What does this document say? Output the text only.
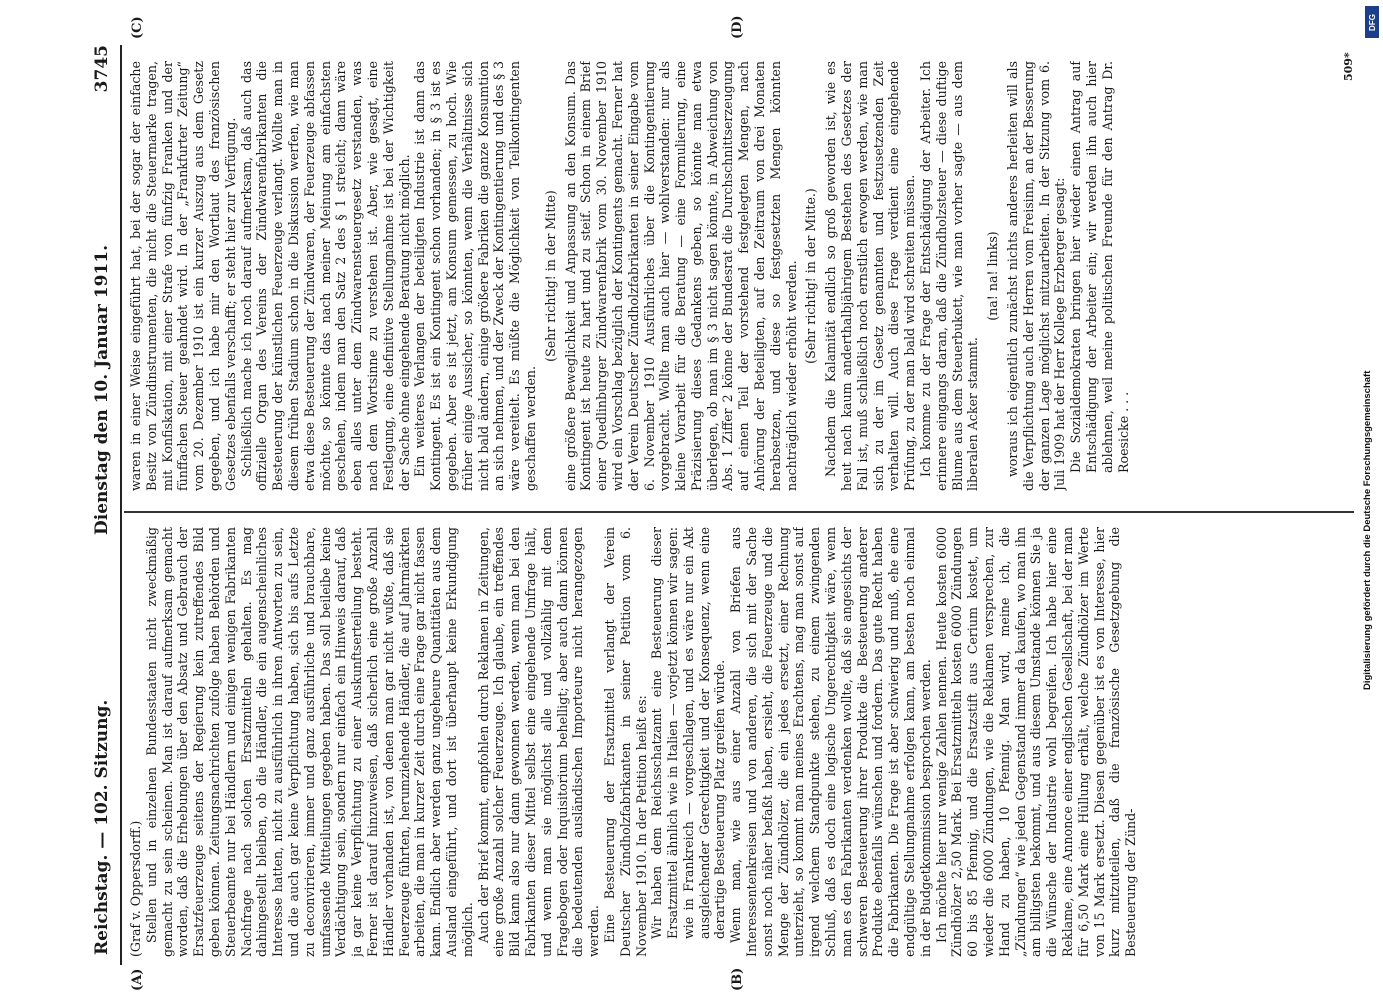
Reichstag. — 102. Sitzung.
Dienstag den 10. Januar 1911.
3745

(Graf v. Oppersdorff.) Stellen und in einzelnen Bundesstaaten nicht zweckmäßig gemacht zu sein scheinen. Man ist darauf aufmerksam gemacht worden, daß die Erhebungen über den Absatz und Gebrauch der Ersatzfeuerzeuge seitens der Regierung kein zutreffendes Bild geben können. Zeitungsnachrichten zufolge haben Behörden und Steuerbeamte nur bei Händlern und einigen wenigen Fabrikanten Nachfrage nach solchen Ersatzmitteln gehalten. Es mag dahingestellt bleiben, ob die Händler, die ein augenscheinliches Interesse hatten, nicht zu ausführlich in ihren Antworten zu sein, und die auch gar keine Verpflichtung haben, sich bis aufs Letzte zu deconvirieren, immer und ganz ausführliche und brauchbare, umfassende Mitteilungen gegeben haben. Das soll beileibe keine Verdächtigung sein, sondern nur einfach ein Hinweis darauf, daß ja gar keine Verpflichtung zu einer Auskunftserteilung besteht. Ferner ist darauf hinzuweisen, daß sicherlich eine große Anzahl Händler vorhanden ist, von denen man gar nicht wußte, daß sie Feuerzeuge führten, herumziehende Händler, die auf Jahrmärkten arbeiten, die man in kurzer Zeit durch eine Frage gar nicht fassen kann. Endlich aber werden ganz ungeheure Quantitäten aus dem Ausland eingeführt, und dort ist überhaupt keine Erkundigung möglich. Auch der Brief kommt, empfohlen durch Reklamen in Zeitungen, eine große Anzahl solcher Feuerzeuge. Ich glaube, ein treffendes Bild kann also nur dann gewonnen werden, wenn man bei den Fabrikanten dieser Mittel selbst eine eingehende Umfrage hält, und wenn man sie möglichst alle und vollzählig mit dem Fragebogen oder Inquisitorium behelligt; aber auch dann können die bedeutenden ausländischen Importeure nicht herangezogen werden. Eine Besteuerung der Ersatzmittel verlangt der Verein Deutscher Zündholzfabrikanten in seiner Petition vom 6. November 1910. In der Petition heißt es: Wir haben dem Reichsschatzamt eine Besteuerung dieser Ersatzmittel ähnlich wie in Italien — vorjetzt können wir sagen: wie in Frankreich — vorgeschlagen, und es wäre nur ein Akt ausgleichender Gerechtigkeit und der Konsequenz, wenn eine derartige Besteuerung Platz greifen würde. Wenn man, wie aus einer Anzahl von Briefen aus Interessentenkreisen und von anderen, die sich mit der Sache sonst noch näher befaßt haben, ersieht, die Feuerzeuge und die Menge der Zündhölzer, die ein jedes ersetzt, einer Rechnung unterzieht, so kommt man meines Erachtens, mag man sonst auf irgend welchem Standpunkte stehen, zu einem zwingenden Schluß, daß es doch eine logische Ungerechtigkeit wäre, wenn man es den Fabrikanten verdenken wollte, daß sie angesichts der schweren Besteuerung ihrer Produkte die Besteuerung anderer Produkte ebenfalls wünschen und fordern. Das gute Recht haben die Fabrikanten. Die Frage ist aber schwierig und muß, ehe eine endgültige Stellungnahme erfolgen kann, am besten noch einmal in der Budgetkommission besprochen werden. Ich möchte hier nur wenige Zahlen nennen. Heute kosten 6000 Zündhölzer 2,50 Mark. Bei Ersatzmitteln kosten 6000 Zündungen 60 bis 85 Pfennig, und die Ersatzstift aus Cerium kostet, um wieder die 6000 Zündungen, wie die Reklamen versprechen, zur Hand zu haben, 10 Pfennig. Man wird, meine ich, die „Zündungen“ wie jeden Gegenstand immer da kaufen, wo man ihn am billigsten bekommt, und aus diesem Umstande können Sie ja die Wünsche der Industrie wohl begreifen. Ich habe hier eine Reklame, eine Annonce einer englischen Gesellschaft, bei der man für 6,50 Mark eine Hüllung erhält, welche Zündhölzer im Werte von 15 Mark ersetzt. Diesen gegenüber ist es von Interesse, hier kurz mitzuteilen, daß die französische Gesetzgebung die Besteuerung der Zünd-

waren in einer Weise eingeführt hat, bei der sogar der einfache Besitz von Zündinstrumenten, die nicht die Steuermarke tragen, mit Konfiskation, mit einer Strafe von fünfzig Franken und der fünffachen Steuer geahndet wird. In der „Frankfurter Zeitung“ vom 20. Dezember 1910 ist ein kurzer Auszug aus dem Gesetz gegeben, und ich habe mir den Wortlaut des französischen Gesetzes ebenfalls verschafft; er steht hier zur Verfügung. Schließlich mache ich noch darauf aufmerksam, daß auch das offizielle Organ des Vereins der Zündwarenfabrikanten die Besteuerung der künstlichen Feuerzeuge verlangt. Wollte man in diesem frühen Stadium schon in die Diskussion werfen, wie man etwa diese Besteuerung der Zündwaren, der Feuerzeuge abfassen möchte, so könnte das nach meiner Meinung am einfachsten geschehen, indem man den Satz 2 des § 1 streicht; dann wäre eben alles unter dem Zündwarensteuergesetz verstanden, was nach dem Wortsinne zu verstehen ist. Aber, wie gesagt, eine Festlegung, eine definitive Stellungnahme ist bei der Wichtigkeit der Sache ohne eingehende Beratung nicht möglich. Ein weiteres Verlangen der beteiligten Industrie ist dann das Kontingent. Es ist ein Kontingent schon vorhanden; in § 3 ist es gegeben. Aber es ist jetzt, am Konsum gemessen, zu hoch. Wie früher einige Aussicher, so könnten, wenn die Verhältnisse sich nicht bald ändern, einige größere Fabriken die ganze Konsumtion an sich nehmen, und der Zweck der Kontingentierung und des § 3 wäre vereitelt. Es müßte die Möglichkeit von Teilkontingenten geschaffen werden.

(Sehr richtig! in der Mitte) eine größere Beweglichkeit und Anpassung an den Konsum. Das Kontingent ist heute zu hart und zu steif. Schon in einem Brief einer Quedlinburger Zündwarenfabrik vom 30. November 1910 wird ein Vorschlag bezüglich der Kontingents gemacht. Ferner hat der Verein Deutscher Zündholzfabrikanten in seiner Eingabe vom 6. November 1910 Ausführliches über die Kontingentierung vorgebracht. Wollte man auch hier — wohlverstanden: nur als kleine Vorarbeit für die Beratung — eine Formulierung, eine Präzisierung dieses Gedankens geben, so könnte man etwa überlegen, ob man im § 3 nicht sagen könnte, in Abweichung von Abs. 1 Ziffer 2 könne der Bundesrat die Durchschnittserzeugung auf einen Teil der vorstehend festgelegten Mengen, nach Anhörung der Beteiligten, auf den Zeitraum von drei Monaten herabsetzen, und diese so festgesetzten Mengen könnten nachträglich wieder erhöht werden. (Sehr richtig! in der Mitte.) Nachdem die Kalamität endlich so groß geworden ist, wie es heut nach kaum anderthalbjährigem Bestehen des Gesetzes der Fall ist, muß schließlich noch ernstlich erwogen werden, wie man sich zu der im Gesetz genannten und festzusetzenden Zeit verhalten will. Auch diese Frage verdient eine eingehende Prüfung, zu der man bald wird schreiten müssen. Ich komme zu der Frage der Entschädigung der Arbeiter. Ich erinnere eingangs daran, daß die Zündholzsteuer — diese duftige Blume aus dem Steuerbukett, wie man vorher sagte — aus dem liberalen Acker stammt.

(na! na! links) woraus ich eigentlich zunächst nichts anderes herleiten will als die Verpflichtung auch der Herren vom Freisinn, an der Besserung der ganzen Lage möglichst mitzuarbeiten. In der Sitzung vom 6. Juli 1909 hat der Herr Kollege Erzberger gesagt: Die Sozialdemokraten bringen hier wieder einen Antrag auf Entschädigung der Arbeiter ein; wir werden ihn auch hier ablehnen, weil meine politischen Freunde für den Antrag Dr. Roesicke . . .

(A)	(B)
(C)	(D)
509*
DFG
Digitalisierung gefördert durch die Deutsche Forschungsgemeinschaft
